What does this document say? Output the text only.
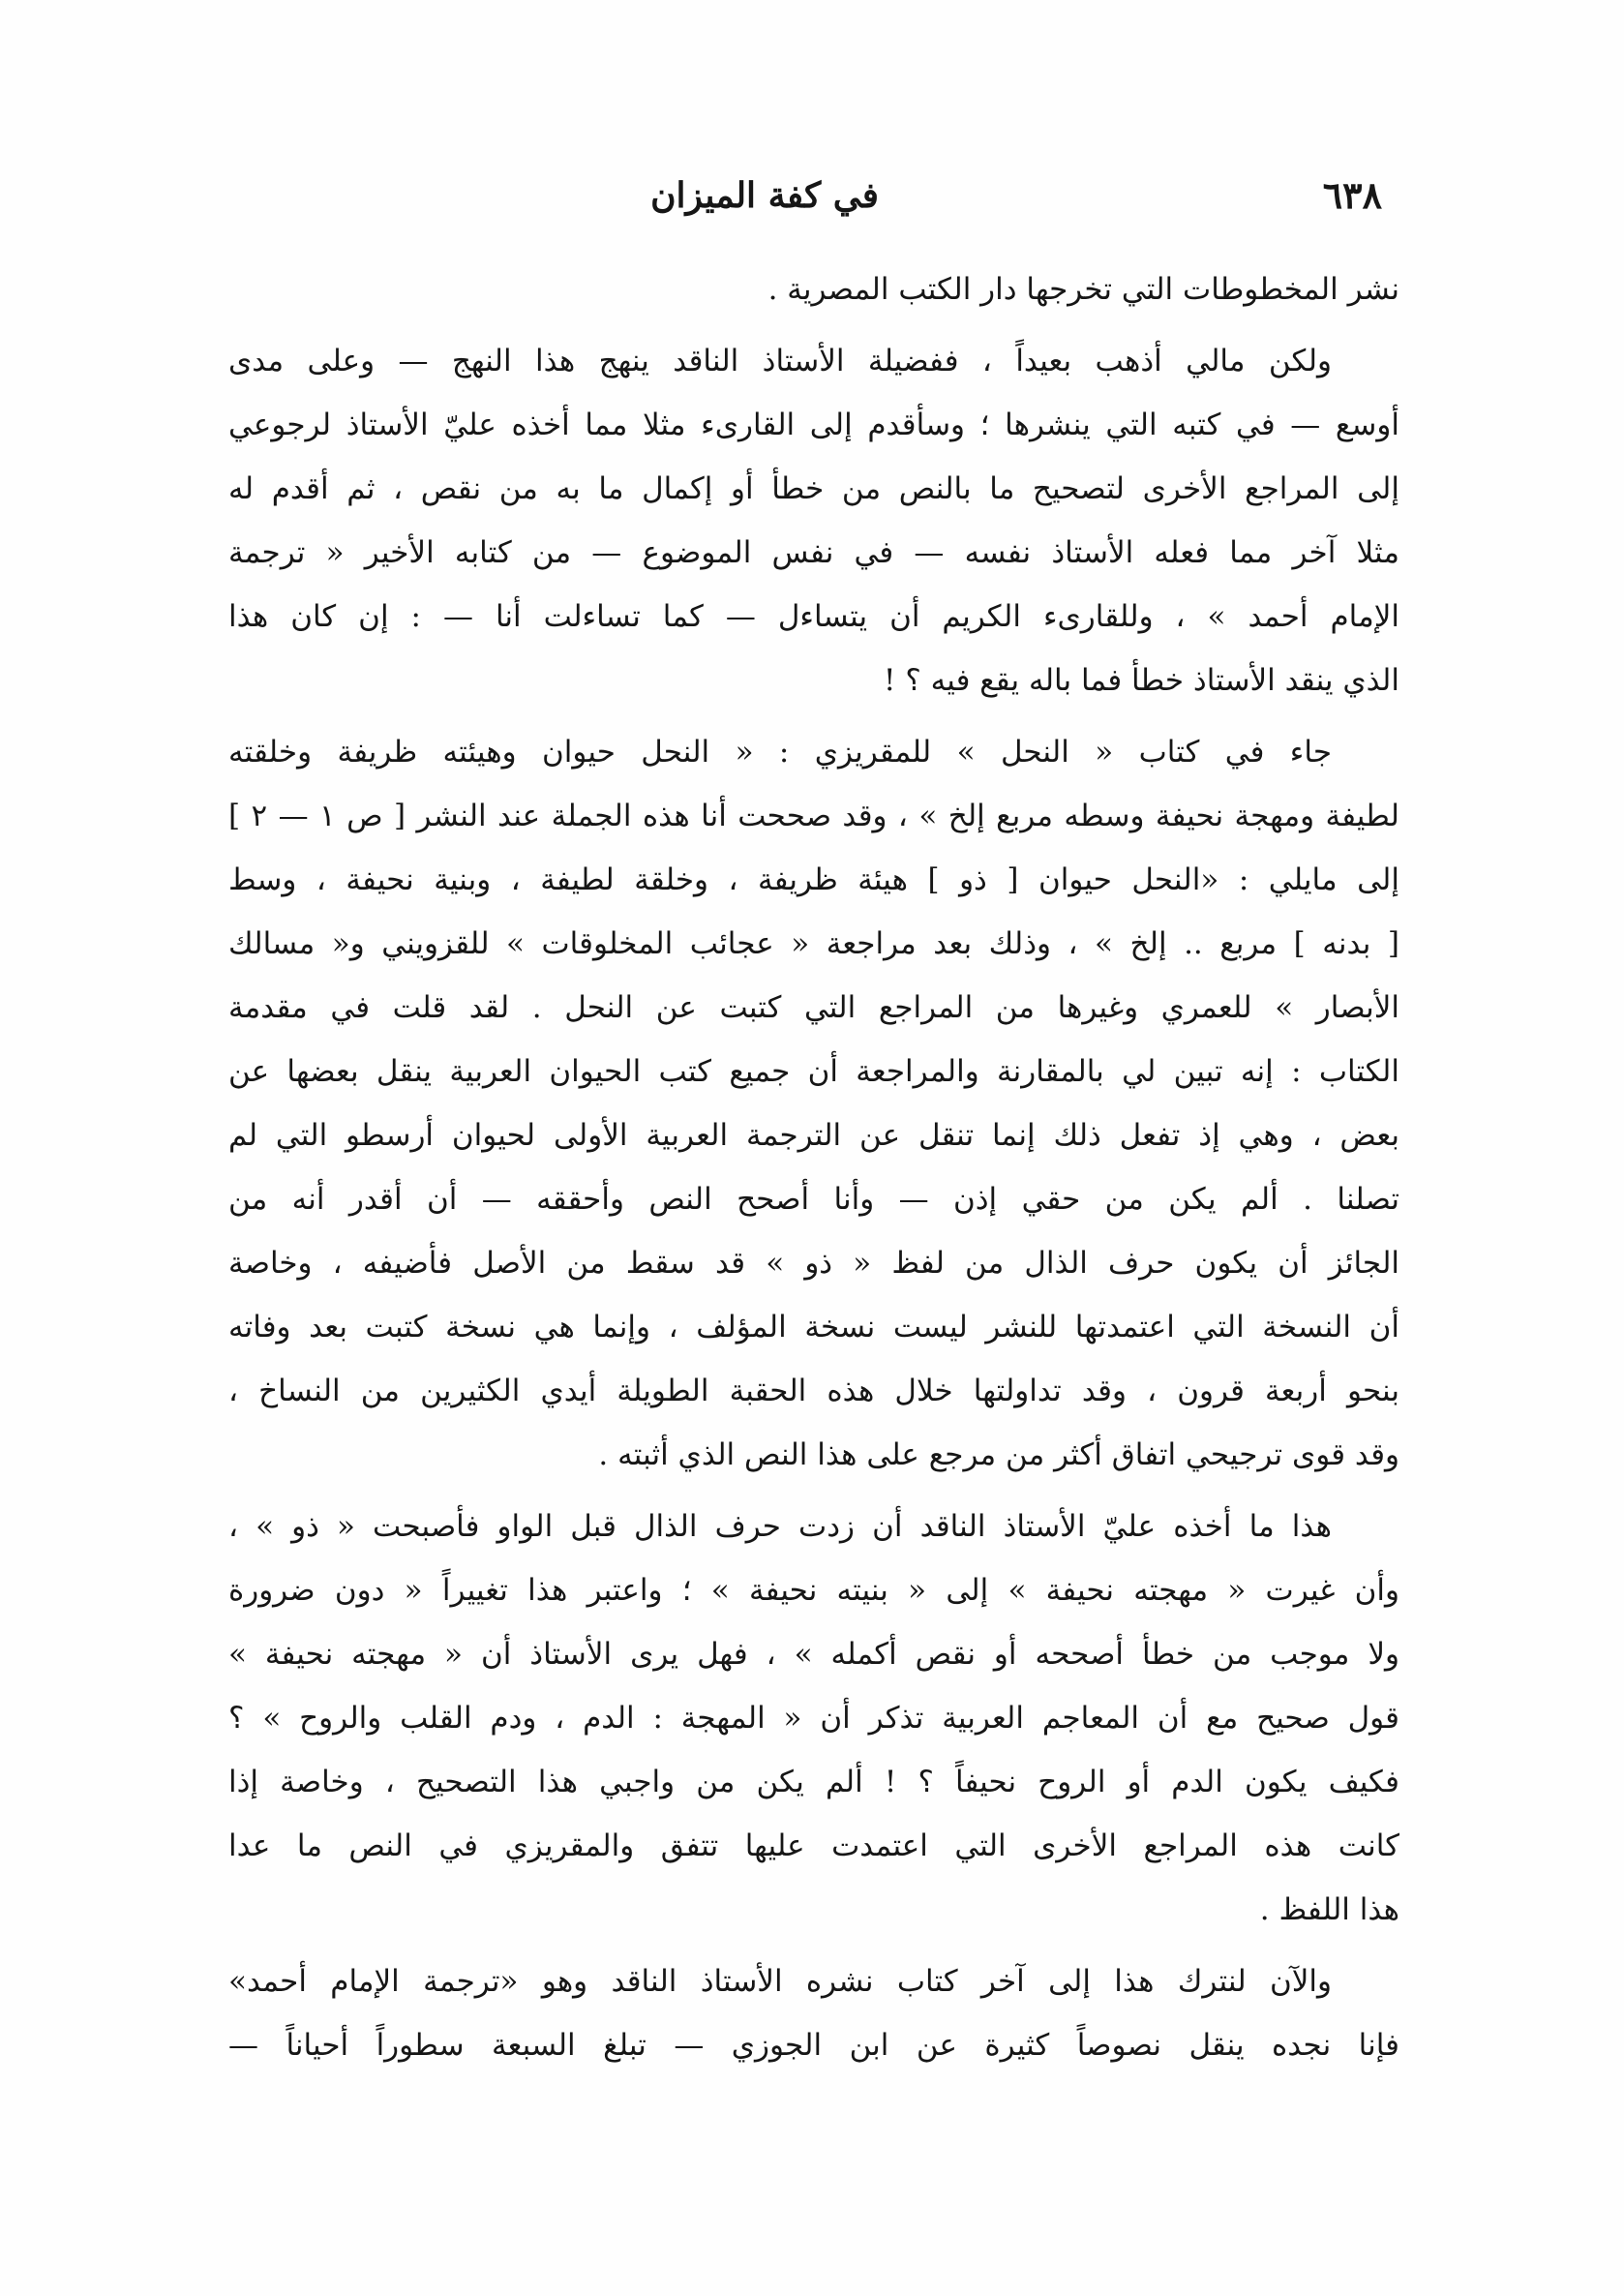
٦٣٨
في كفة الميزان
نشر المخطوطات التي تخرجها دار الكتب المصرية .
ولكن مالي أذهب بعيداً ، ففضيلة الأستاذ الناقد ينهج هذا النهج — وعلى مدى
أوسع — في كتبه التي ينشرها ؛ وسأقدم إلى القارىء مثلا مما أخذه عليّ الأستاذ لرجوعي
إلى المراجع الأخرى لتصحيح ما بالنص من خطأ أو إكمال ما به من نقص ، ثم أقدم له
مثلا آخر مما فعله الأستاذ نفسه — في نفس الموضوع — من كتابه الأخير « ترجمة
الإمام أحمد » ، وللقارىء الكريم أن يتساءل — كما تساءلت أنا — : إن كان هذا
الذي ينقد الأستاذ خطأ فما باله يقع فيه ؟ !
جاء في كتاب « النحل » للمقريزي : « النحل حيوان وهيئته ظريفة وخلقته
لطيفة ومهجة نحيفة وسطه مربع إلخ » ، وقد صححت أنا هذه الجملة عند النشر [ ص ١ — ٢ ]
إلى مايلي : «النحل حيوان [ ذو ] هيئة ظريفة ، وخلقة لطيفة ، وبنية نحيفة ، وسط
[ بدنه ] مربع .. إلخ » ، وذلك بعد مراجعة « عجائب المخلوقات » للقزويني و« مسالك
الأبصار » للعمري وغيرها من المراجع التي كتبت عن النحل . لقد قلت في مقدمة
الكتاب : إنه تبين لي بالمقارنة والمراجعة أن جميع كتب الحيوان العربية ينقل بعضها عن
بعض ، وهي إذ تفعل ذلك إنما تنقل عن الترجمة العربية الأولى لحيوان أرسطو التي لم
تصلنا . ألم يكن من حقي إذن — وأنا أصحح النص وأحققه — أن أقدر أنه من
الجائز أن يكون حرف الذال من لفظ « ذو » قد سقط من الأصل فأضيفه ، وخاصة
أن النسخة التي اعتمدتها للنشر ليست نسخة المؤلف ، وإنما هي نسخة كتبت بعد وفاته
بنحو أربعة قرون ، وقد تداولتها خلال هذه الحقبة الطويلة أيدي الكثيرين من النساخ ،
وقد قوى ترجيحي اتفاق أكثر من مرجع على هذا النص الذي أثبته .
هذا ما أخذه عليّ الأستاذ الناقد أن زدت حرف الذال قبل الواو فأصبحت « ذو » ،
وأن غيرت « مهجته نحيفة » إلى « بنيته نحيفة » ؛ واعتبر هذا تغييراً « دون ضرورة
ولا موجب من خطأ أصححه أو نقص أكمله » ، فهل يرى الأستاذ أن « مهجته نحيفة »
قول صحيح مع أن المعاجم العربية تذكر أن « المهجة : الدم ، ودم القلب والروح » ؟
فكيف يكون الدم أو الروح نحيفاً ؟ ! ألم يكن من واجبي هذا التصحيح ، وخاصة إذا
كانت هذه المراجع الأخرى التي اعتمدت عليها تتفق والمقريزي في النص ما عدا
هذا اللفظ .
والآن لنترك هذا إلى آخر كتاب نشره الأستاذ الناقد وهو «ترجمة الإمام أحمد»
فإنا نجده ينقل نصوصاً كثيرة عن ابن الجوزي — تبلغ السبعة سطوراً أحياناً —
